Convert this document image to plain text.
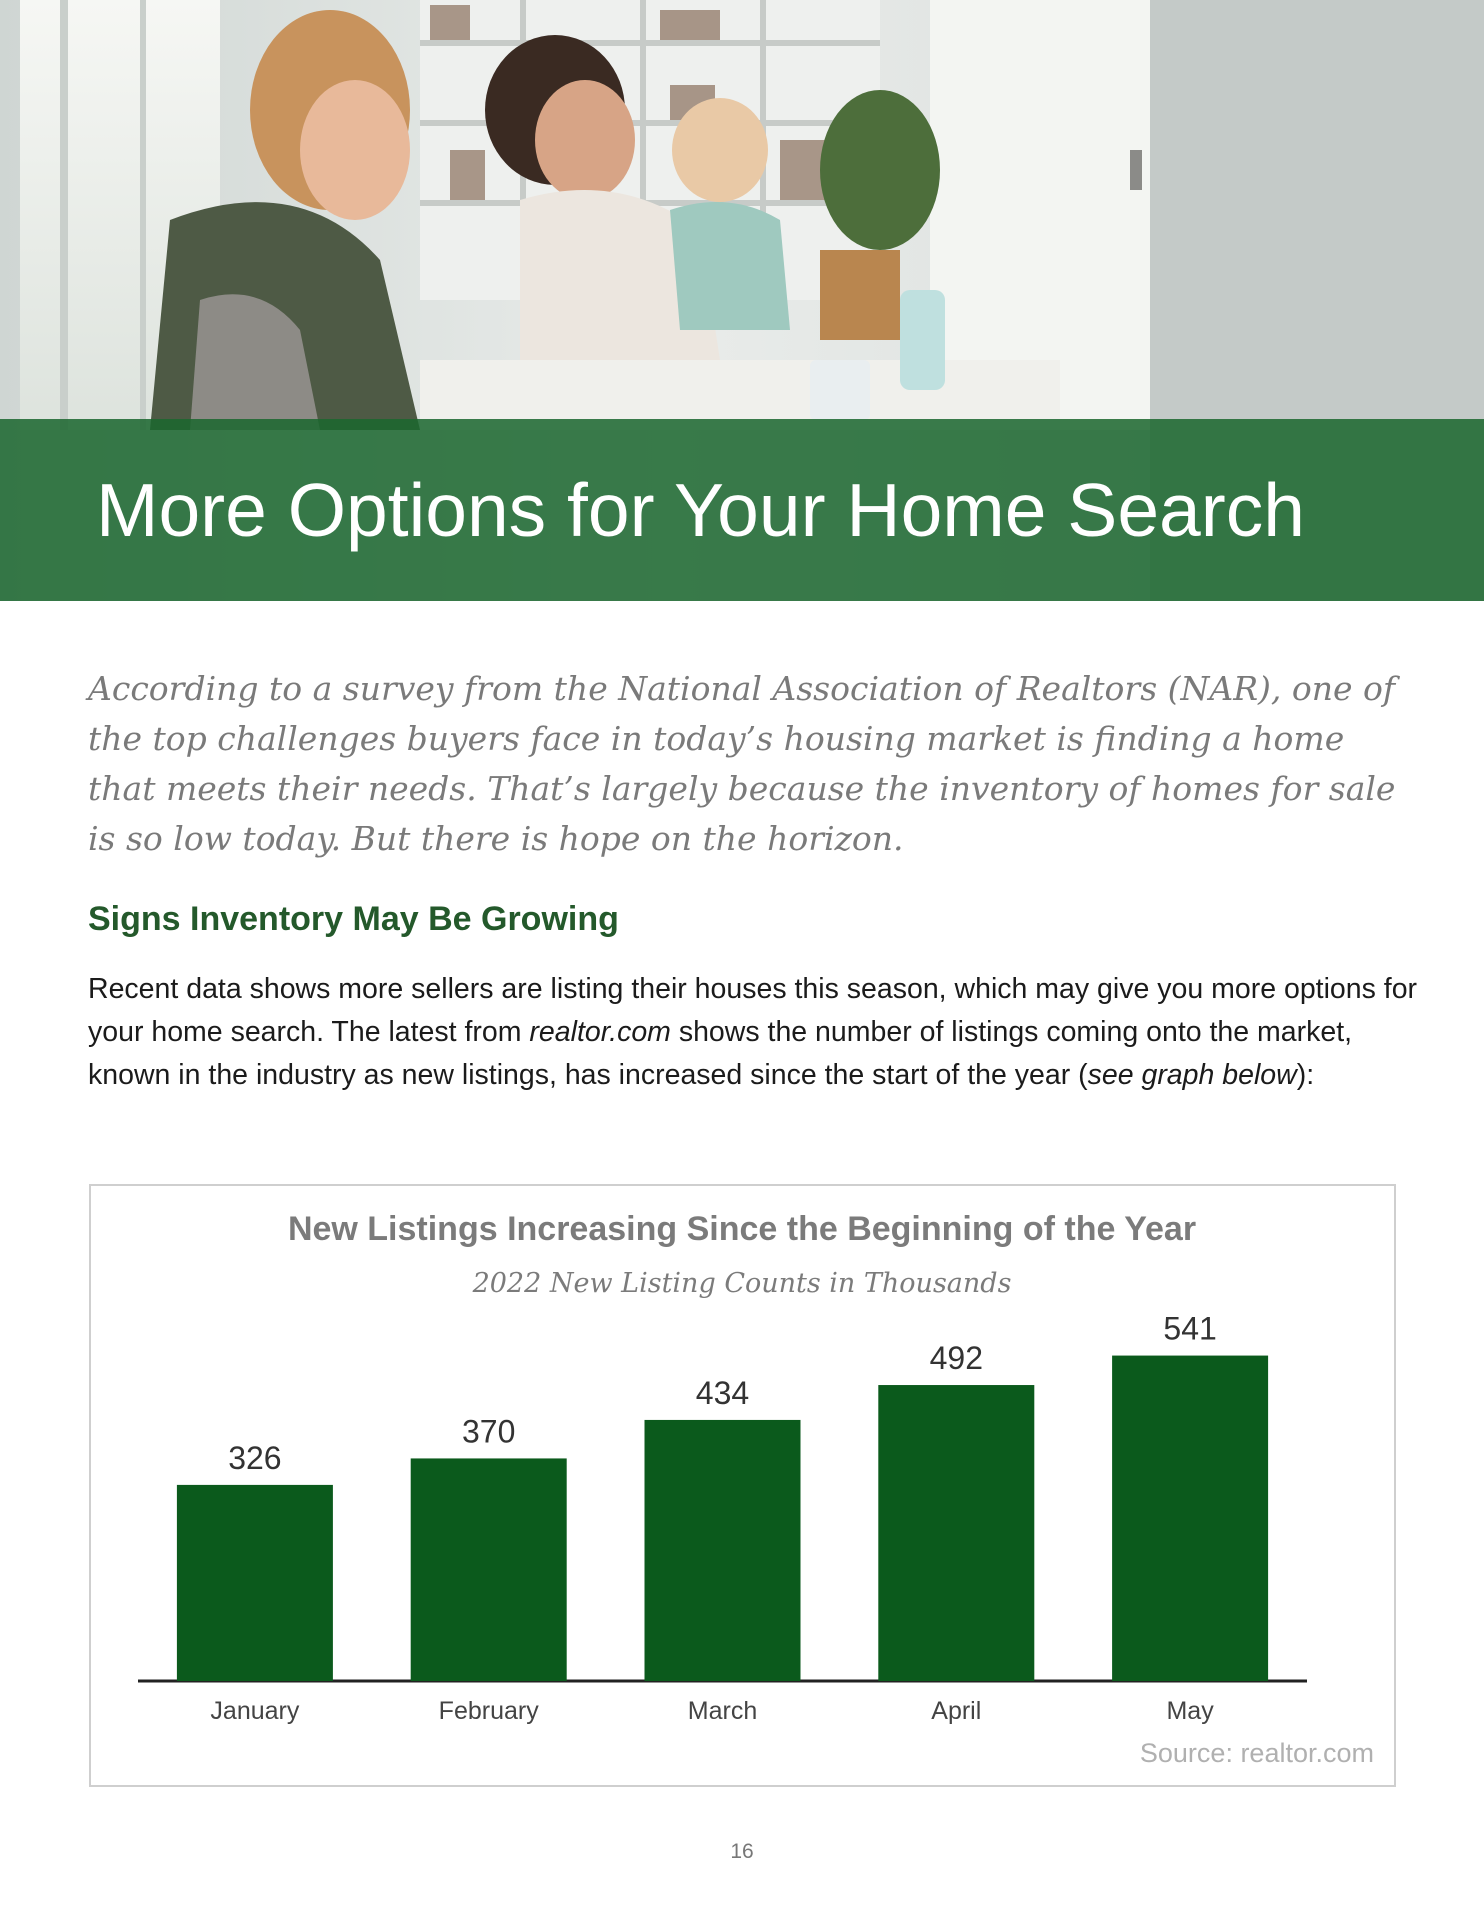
More Options for Your Home Search

According to a survey from the National Association of Realtors (NAR), one of the top challenges buyers face in today’s housing market is finding a home that meets their needs. That’s largely because the inventory of homes for sale is so low today. But there is hope on the horizon.

Signs Inventory May Be Growing

Recent data shows more sellers are listing their houses this season, which may give you more options for your home search. The latest from realtor.com shows the number of listings coming onto the market, known in the industry as new listings, has increased since the start of the year (see graph below):

New Listings Increasing Since the Beginning of the Year

2022 New Listing Counts in Thousands

326
January
370
February
434
March
492
April
541
May

Source: realtor.com

16
